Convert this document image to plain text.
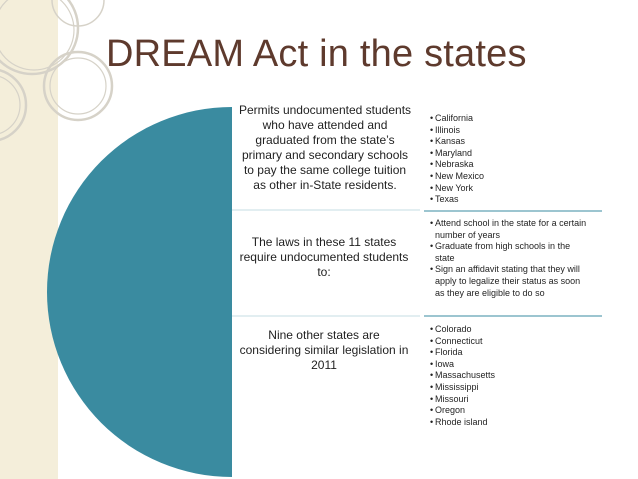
DREAM Act in the states
Permits undocumented students who have attended and graduated from the state’s primary and secondary schools to pay the same college tuition as other in-State residents.
• California
• Illinois
• Kansas
• Maryland
• Nebraska
• New Mexico
• New York
• Texas
The laws in these 11 states require undocumented students to:
• Attend school in the state for a certain number of years
• Graduate from high schools in the state
• Sign an affidavit stating that they will apply to legalize their status as soon as they are eligible to do so
Nine other states are considering similar legislation in 2011
• Colorado
• Connecticut
• Florida
• Iowa
• Massachusetts
• Mississippi
• Missouri
• Oregon
• Rhode island
